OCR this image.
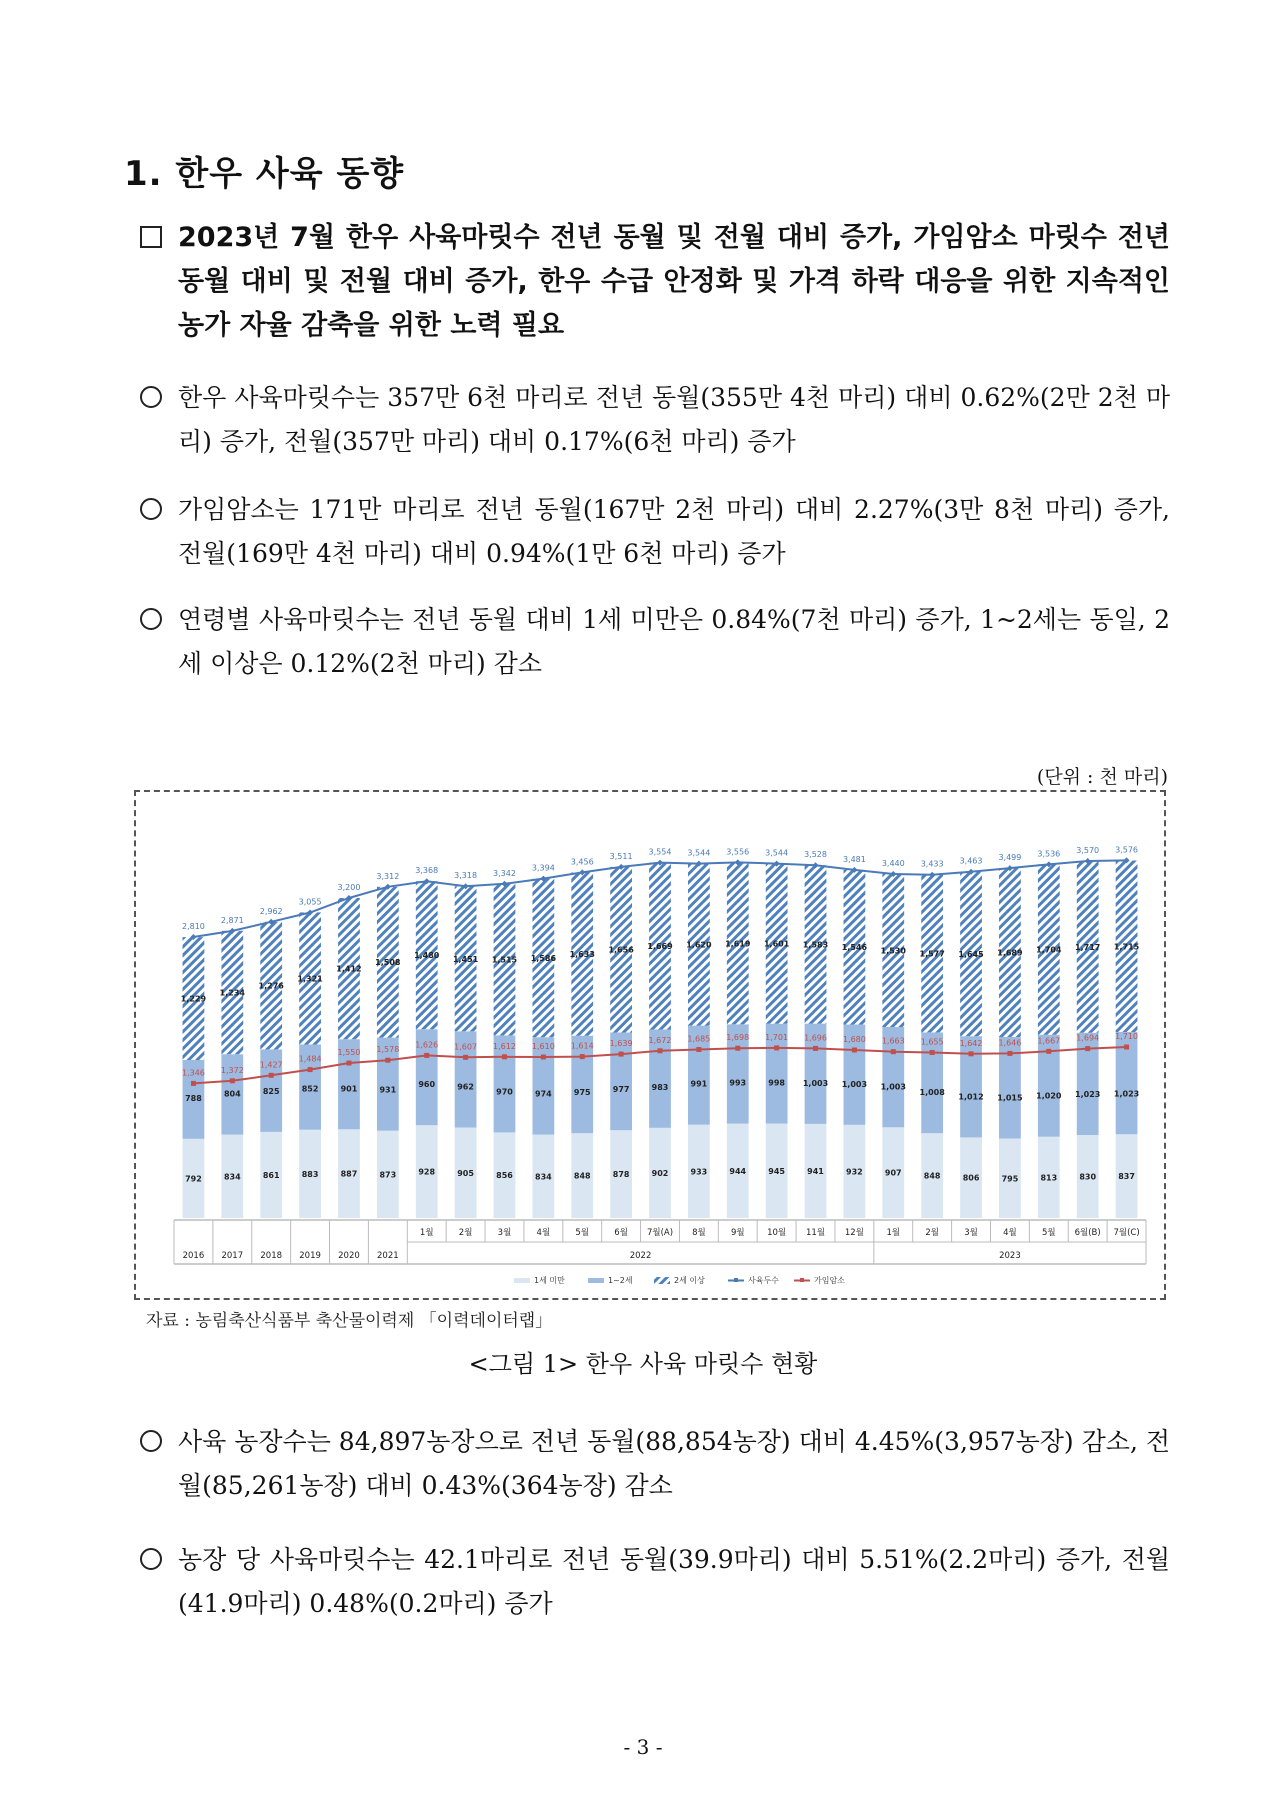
1. 한우 사육 동향
2023년 7월 한우 사육마릿수 전년 동월 및 전월 대비 증가, 가임암소 마릿수 전년 동월 대비 및 전월 대비 증가, 한우 수급 안정화 및 가격 하락 대응을 위한 지속적인 농가 자율 감축을 위한 노력 필요
한우 사육마릿수는 357만 6천 마리로 전년 동월(355만 4천 마리) 대비 0.62%(2만 2천 마리) 증가, 전월(357만 마리) 대비 0.17%(6천 마리) 증가
가임암소는 171만 마리로 전년 동월(167만 2천 마리) 대비 2.27%(3만 8천 마리) 증가, 전월(169만 4천 마리) 대비 0.94%(1만 6천 마리) 증가
연령별 사육마릿수는 전년 동월 대비 1세 미만은 0.84%(7천 마리) 증가, 1~2세는 동일, 2세 이상은 0.12%(2천 마리) 감소
(단위 : 천 마리)
792
788
1,229
2,810
1,346
834
804
1,234
2,871
1,372
861
825
1,276
2,962
1,427
883
852
1,321
3,055
1,484
887
901
1,412
3,200
1,550
873
931
1,508
3,312
1,578
928
960
1,480
3,368
1,626
905
962
1,451
3,318
1,607
856
970
1,515
3,342
1,612
834
974
1,586
3,394
1,610
848
975
1,633
3,456
1,614
878
977
1,656
3,511
1,639
902
983
1,669
3,554
1,672
933
991
1,620
3,544
1,685
944
993
1,619
3,556
1,698
945
998
1,601
3,544
1,701
941
1,003
1,583
3,528
1,696
932
1,003
1,546
3,481
1,680
907
1,003
1,530
3,440
1,663
848
1,008
1,577
3,433
1,655
806
1,012
1,645
3,463
1,642
795
1,015
1,689
3,499
1,646
813
1,020
1,704
3,536
1,667
830
1,023
1,717
3,570
1,694
837
1,023
1,715
3,576
1,710
2016 2017 2018 2019 2020 2021
1월	2월	3월	4월	5월	6월 7월(A) 8월	9월	10월 11월 12월	1월	2월	3월	4월	5월 6월(B) 7월(C)
2022	2023
1세 미만	1~2세	2세 이상	사육두수	가임암소
자료 : 농림축산식품부 축산물이력제 「이력데이터랩」
<그림 1> 한우 사육 마릿수 현황
사육 농장수는 84,897농장으로 전년 동월(88,854농장) 대비 4.45%(3,957농장) 감소, 전월(85,261농장) 대비 0.43%(364농장) 감소
농장 당 사육마릿수는 42.1마리로 전년 동월(39.9마리) 대비 5.51%(2.2마리) 증가, 전월(41.9마리) 0.48%(0.2마리) 증가
- 3 -
